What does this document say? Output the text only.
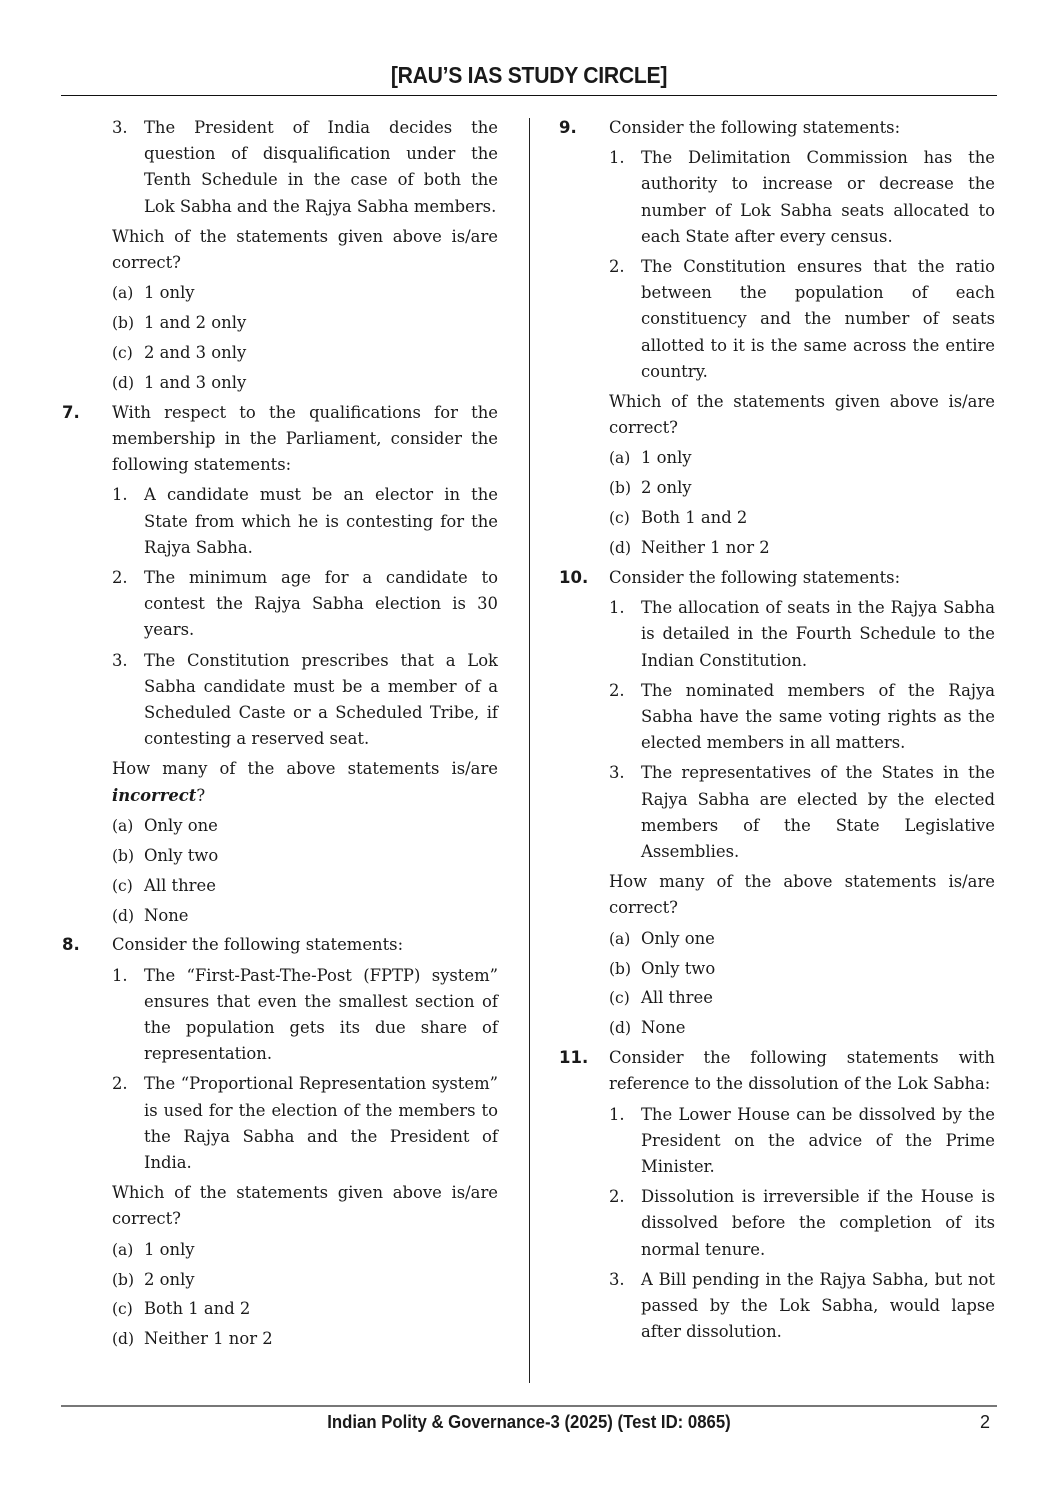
[RAU’S IAS STUDY CIRCLE]
3. The President of India decides the question of disqualification under the Tenth Schedule in the case of both the Lok Sabha and the Rajya Sabha members.
Which of the statements given above is/are correct?
(a) 1 only
(b) 1 and 2 only
(c) 2 and 3 only
(d) 1 and 3 only
7. With respect to the qualifications for the membership in the Parliament, consider the following statements:
1. A candidate must be an elector in the State from which he is contesting for the Rajya Sabha.
2. The minimum age for a candidate to contest the Rajya Sabha election is 30 years.
3. The Constitution prescribes that a Lok Sabha candidate must be a member of a Scheduled Caste or a Scheduled Tribe, if contesting a reserved seat.
How many of the above statements is/are incorrect?
(a) Only one
(b) Only two
(c) All three
(d) None
8. Consider the following statements:
1. The “First-Past-The-Post (FPTP) system” ensures that even the smallest section of the population gets its due share of representation.
2. The “Proportional Representation system” is used for the election of the members to the Rajya Sabha and the President of India.
Which of the statements given above is/are correct?
(a) 1 only
(b) 2 only
(c) Both 1 and 2
(d) Neither 1 nor 2
9. Consider the following statements:
1. The Delimitation Commission has the authority to increase or decrease the number of Lok Sabha seats allocated to each State after every census.
2. The Constitution ensures that the ratio between the population of each constituency and the number of seats allotted to it is the same across the entire country.
Which of the statements given above is/are correct?
(a) 1 only
(b) 2 only
(c) Both 1 and 2
(d) Neither 1 nor 2
10. Consider the following statements:
1. The allocation of seats in the Rajya Sabha is detailed in the Fourth Schedule to the Indian Constitution.
2. The nominated members of the Rajya Sabha have the same voting rights as the elected members in all matters.
3. The representatives of the States in the Rajya Sabha are elected by the elected members of the State Legislative Assemblies.
How many of the above statements is/are correct?
(a) Only one
(b) Only two
(c) All three
(d) None
11. Consider the following statements with reference to the dissolution of the Lok Sabha:
1. The Lower House can be dissolved by the President on the advice of the Prime Minister.
2. Dissolution is irreversible if the House is dissolved before the completion of its normal tenure.
3. A Bill pending in the Rajya Sabha, but not passed by the Lok Sabha, would lapse after dissolution.
Indian Polity & Governance-3 (2025) (Test ID: 0865)	2
